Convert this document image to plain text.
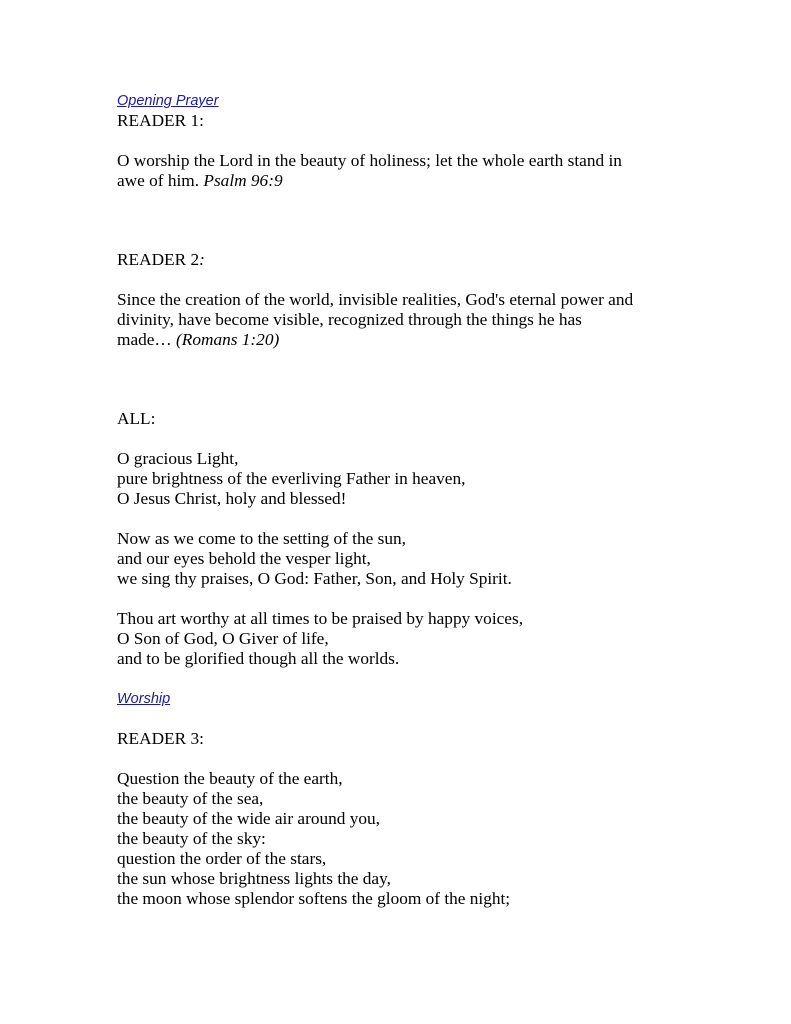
Opening Prayer
READER 1:
O worship the Lord in the beauty of holiness; let the whole earth stand in
awe of him. Psalm 96:9
READER 2:
Since the creation of the world, invisible realities, God's eternal power and
divinity, have become visible, recognized through the things he has
made… (Romans 1:20)
ALL:
O gracious Light,
pure brightness of the everliving Father in heaven,
O Jesus Christ, holy and blessed!
Now as we come to the setting of the sun,
and our eyes behold the vesper light,
we sing thy praises, O God: Father, Son, and Holy Spirit.
Thou art worthy at all times to be praised by happy voices,
O Son of God, O Giver of life,
and to be glorified though all the worlds.
Worship
READER 3:
Question the beauty of the earth,
the beauty of the sea,
the beauty of the wide air around you,
the beauty of the sky:
question the order of the stars,
the sun whose brightness lights the day,
the moon whose splendor softens the gloom of the night;
